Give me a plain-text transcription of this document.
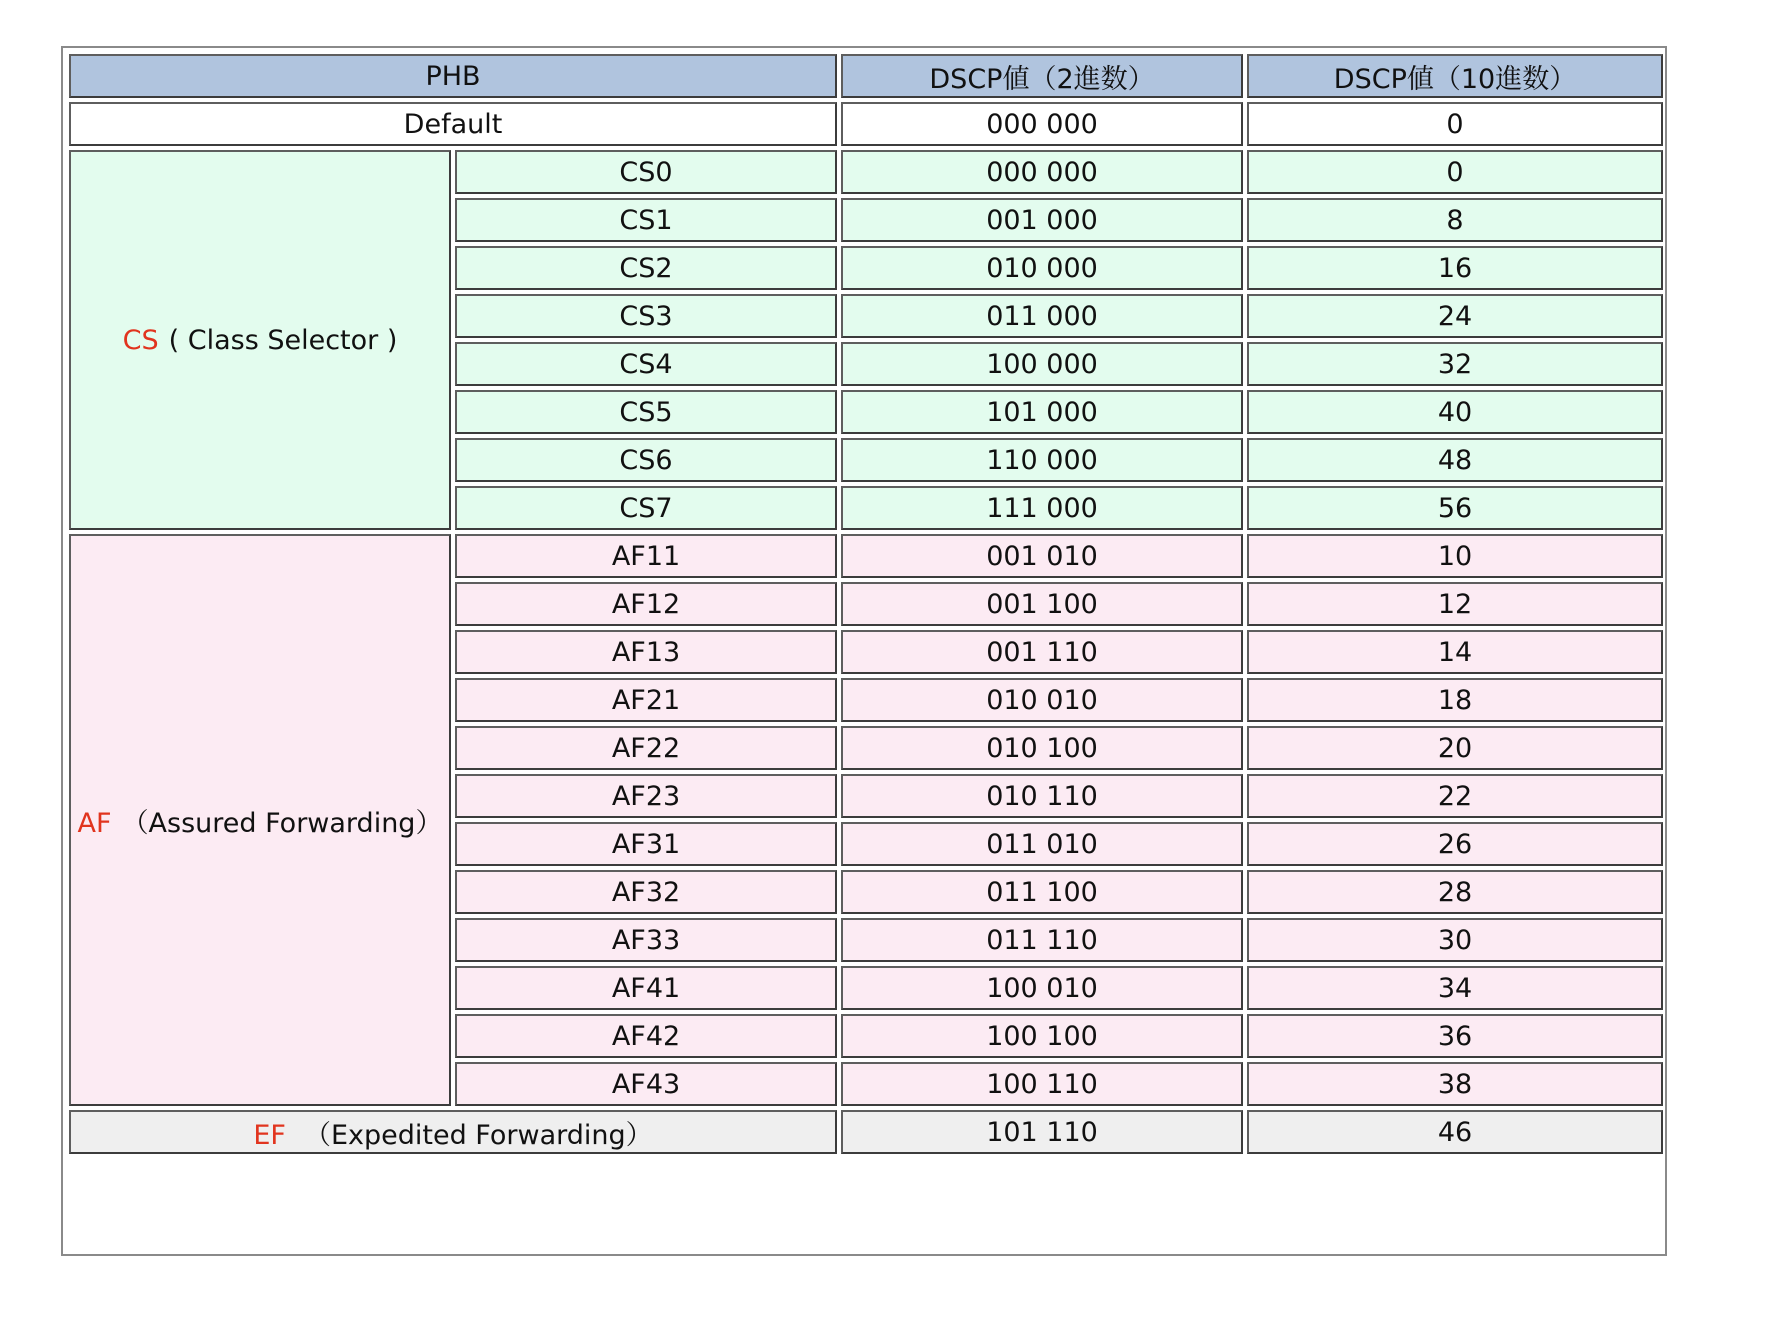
PHB		DSCP値（2進数）	DSCP値（10進数）
Default		000 000	0
CS ( Class Selector )	CS0	000 000	0
	CS1	001 000	8
	CS2	010 000	16
	CS3	011 000	24
	CS4	100 000	32
	CS5	101 000	40
	CS6	110 000	48
	CS7	111 000	56
AF （Assured Forwarding）	AF11	001 010	10
	AF12	001 100	12
	AF13	001 110	14
	AF21	010 010	18
	AF22	010 100	20
	AF23	010 110	22
	AF31	011 010	26
	AF32	011 100	28
	AF33	011 110	30
	AF41	100 010	34
	AF42	100 100	36
	AF43	100 110	38
EF （Expedited Forwarding）		101 110	46
